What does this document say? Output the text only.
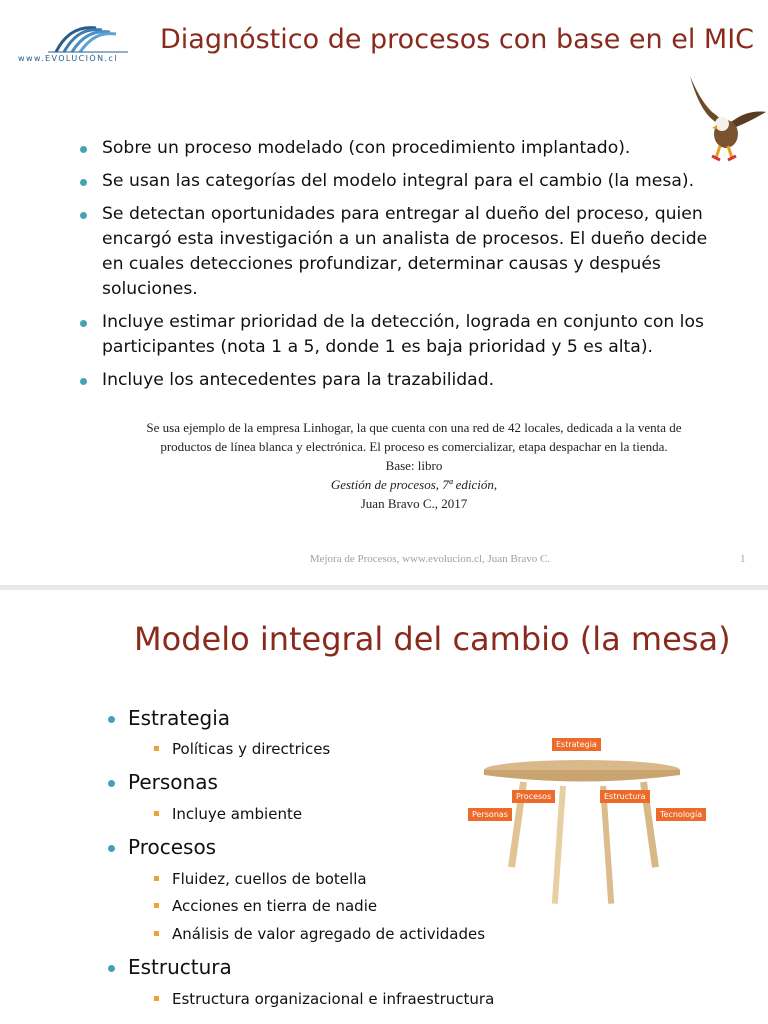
www.EVOLUCIÓN.cl
Diagnóstico de procesos con base en el MIC
Sobre un proceso modelado (con procedimiento implantado).
Se usan las categorías del modelo integral para el cambio (la mesa).
Se detectan oportunidades para entregar al dueño del proceso, quien encargó esta investigación a un analista de procesos. El dueño decide en cuales detecciones profundizar, determinar causas y después soluciones.
Incluye estimar prioridad de la detección, lograda en conjunto con los participantes (nota 1 a 5, donde 1 es baja prioridad y 5 es alta).
Incluye los antecedentes para la trazabilidad.
Se usa ejemplo de la empresa Linhogar, la que cuenta con una red de 42 locales, dedicada a la venta de
productos de línea blanca y electrónica. El proceso es comercializar, etapa despachar en la tienda.
Base: libro
Gestión de procesos, 7ª edición,
Juan Bravo C., 2017
Mejora de Procesos, www.evolucion.cl, Juan Bravo C.	1
Modelo integral del cambio (la mesa)
Estrategia
▪ Políticas y directrices
Personas
▪ Incluye ambiente
Procesos
▪ Fluidez, cuellos de botella
▪ Acciones en tierra de nadie
▪ Análisis de valor agregado de actividades
Estructura
▪ Estructura organizacional e infraestructura
Estrategia
Procesos	Estructura
Personas	Tecnología
